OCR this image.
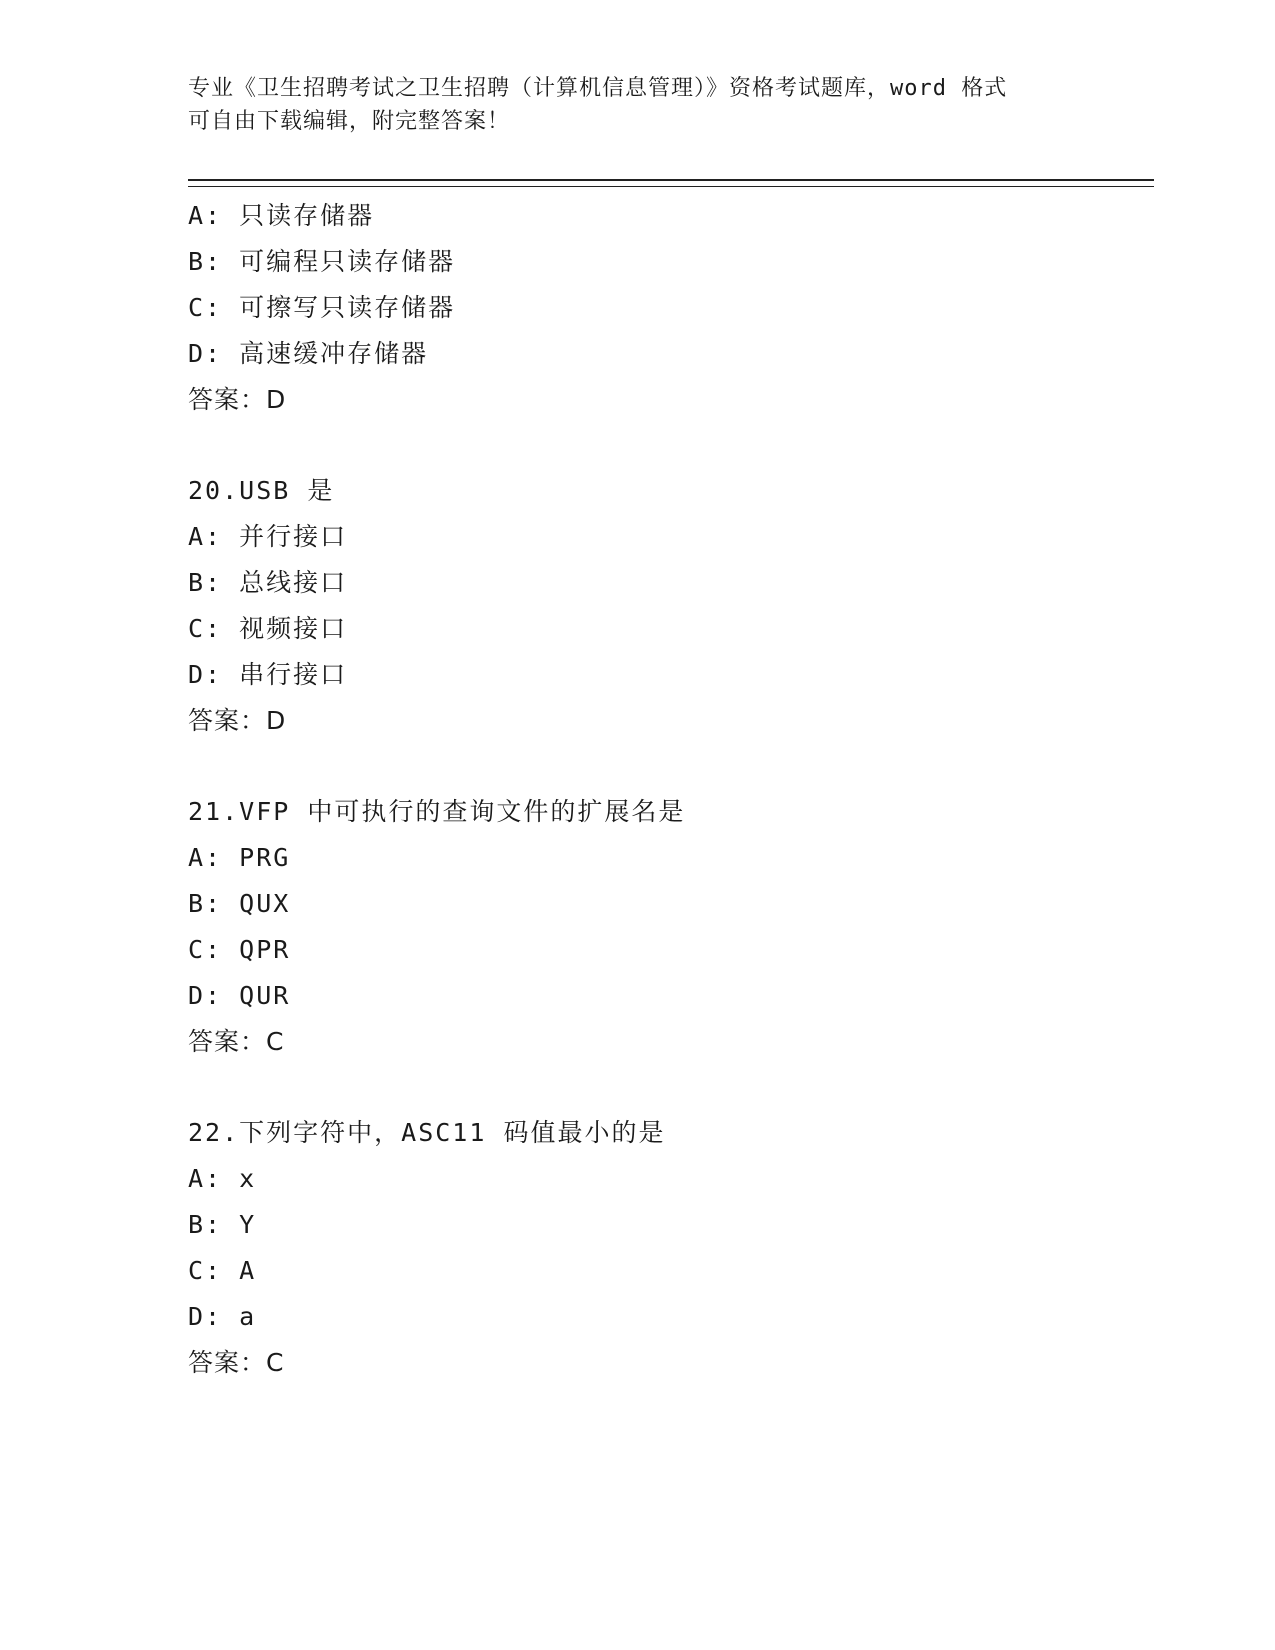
专业《卫生招聘考试之卫生招聘（计算机信息管理）》资格考试题库，word 格式
可自由下载编辑，附完整答案！
A: 只读存储器
B: 可编程只读存储器
C: 可擦写只读存储器
D: 高速缓冲存储器
答案：D
20.USB 是
A: 并行接口
B: 总线接口
C: 视频接口
D: 串行接口
答案：D
21.VFP 中可执行的查询文件的扩展名是
A: PRG
B: QUX
C: QPR
D: QUR
答案：C
22.下列字符中，ASC11 码值最小的是
A: x
B: Y
C: A
D: a
答案：C
